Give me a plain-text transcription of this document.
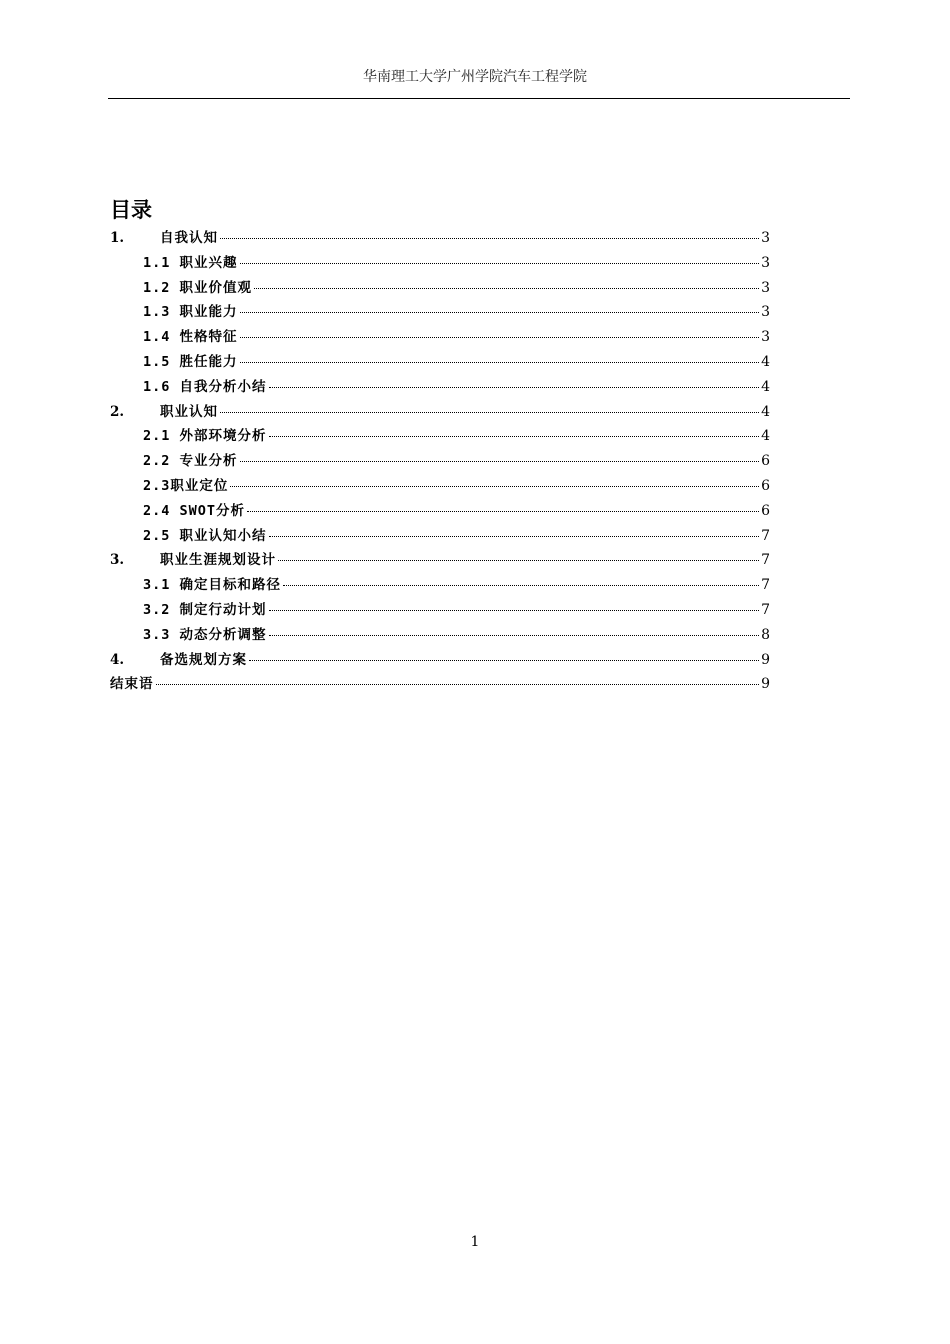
华南理工大学广州学院汽车工程学院
目录
1.	自我认知	3
1.1 职业兴趣	3
1.2 职业价值观	3
1.3 职业能力	3
1.4 性格特征	3
1.5 胜任能力	4
1.6 自我分析小结	4
2.	职业认知	4
2.1 外部环境分析	4
2.2 专业分析	6
2.3职业定位	6
2.4 SWOT分析	6
2.5 职业认知小结	7
3.	职业生涯规划设计	7
3.1 确定目标和路径	7
3.2 制定行动计划	7
3.3 动态分析调整	8
4.	备选规划方案	9
结束语	9
1
